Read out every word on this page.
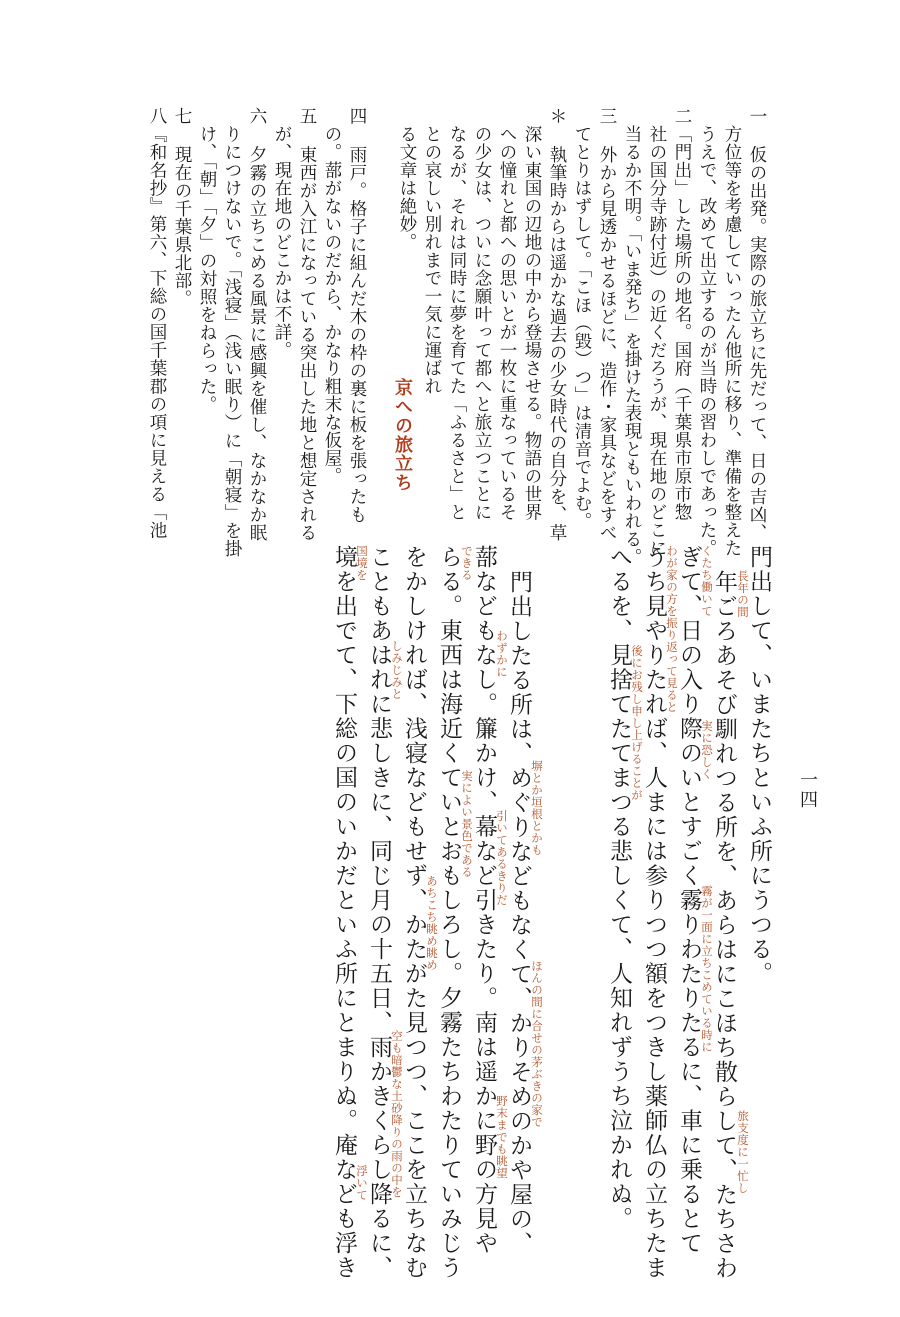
一 仮の出発。実際の旅立ちに先だって、日の吉凶、
方位等を考慮していったん他所に移り、準備を整えた
うえで、改めて出立するのが当時の習わしであった。
二「門出」した場所の地名。国府（千葉県市原市惣
社の国分寺跡付近）の近くだろうが、現在地のどこに
当るか不明。「いま発ち」を掛けた表現ともいわれる。
三 外から見透かせるほどに、造作・家具などをすべ
てとりはずして。「こほ（毀）つ」は清音でよむ。
＊ 執筆時からは遥かな過去の少女時代の自分を、草
深い東国の辺地の中から登場させる。物語の世界
への憧れと都への思いとが一枚に重なっているそ
の少女は、ついに念願叶って都へと旅立つことに
なるが、それは同時に夢を育てた「ふるさと」と
との哀しい別れまで一気に運ばれ
る文章は絶妙。
京への旅立ち
四 雨戸。格子に組んだ木の枠の裏に板を張ったも
の。蔀がないのだから、かなり粗末な仮屋。
五 東西が入江になっている突出した地と想定される
が、現在地のどこかは不詳。
六 夕霧の立ちこめる風景に感興を催し、なかなか眠
りにつけないで。「浅寝」（浅い眠り）に「朝寝」を掛
け、「朝」「夕」の対照をねらった。
七 現在の千葉県北部。
八『和名抄』第六、下総の国千葉郡の項に見える「池
門出して、いまたちといふ所にうつる。
年ごろあそび馴れつる所を、あらはにこほち散らして、たちさわ
ぎて、日の入り際のいとすごく霧りわたりたるに、車に乗るとて
うち見やりたれば、人まには参りつつ額をつきし薬師仏の立ちたま
へるを、見捨てたてまつる悲しくて、人知れずうち泣かれぬ。
門出したる所は、めぐりなどもなくて、かりそめのかや屋の、
蔀などもなし。簾かけ、幕など引きたり。南は遥かに野の方見や
らる。東西は海近くていとおもしろし。夕霧たちわたりていみじう
をかしければ、浅寝などもせず、かたがた見つつ、ここを立ちなむ
こともあはれに悲しきに、同じ月の十五日、雨かきくらし降るに、
境を出でて、下総の国のいかだといふ所にとまりぬ。庵なども浮き	長年の間
旅支度に一忙し
くたち働いて
実に恐しく
霧が一面に立ちこめている時に
わが家の方を振り返って見ると
後にお残し申し上げることが
塀とか垣根とかも
ほんの間に合せの茅ぶきの家で
わずかに
引いてあるきりだ
野末までも眺望
できる
実によい景色である
あちこち眺め眺め
しみじみと
空も暗鬱な土砂降りの雨の中を
国境を
浮いて
一四
